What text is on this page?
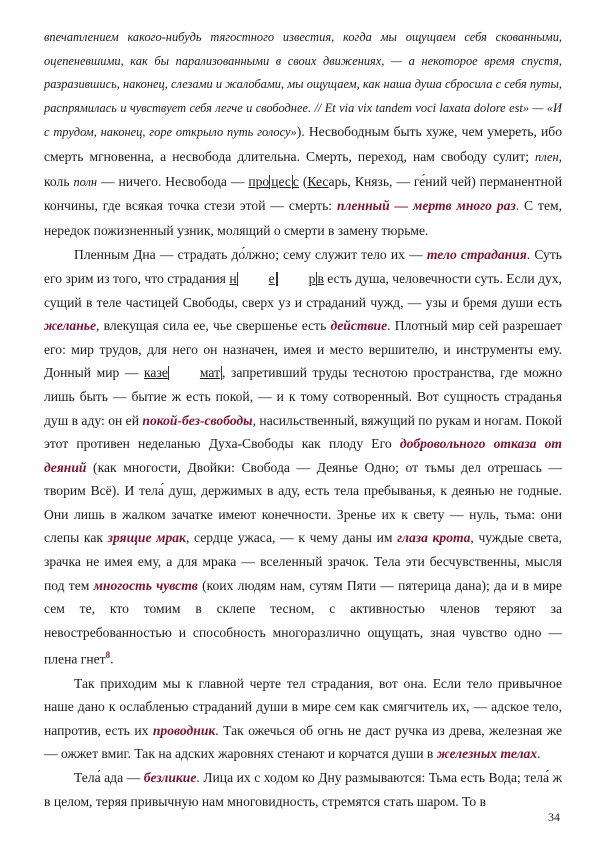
впечатлением какого-нибудь тягостного известия, когда мы ощущаем себя скованными, оцепеневшими, как бы парализованными в своих движениях, — а некоторое время спустя, разразившись, наконец, слезами и жалобами, мы ощущаем, как наша душа сбросила с себя путы, распрямилась и чувствует себя легче и свободнее. // Et via vix tandem voci laxata dolore est» — «И с трудом, наконец, горе открыло путь голосу»). Несвободным быть хуже, чем умереть, ибо смерть мгновенна, а несвобода длительна. Смерть, переход, нам свободу сулит; плен, коль полн — ничего. Несвобода — про цес с (Кесарь, Князь, — ге́ний чей) перманентной кончины, где всякая точка стези этой — смерть: пленный — мертв много раз. С тем, нередок пожизненный узник, молящий о смерти в замену тюрьме.

Пленным Дна — страдать до́лжно; сему служит тело их — тело страдания. Суть его зрим из того, что страдания н е	р в есть душа, человечности суть. Если дух, сущий в теле частицей Свободы, сверх уз и страданий чужд, — узы и бремя души есть желанье, влекущая сила ее, чье свершенье есть действие. Плотный мир сей разрешает его: мир трудов, для него он назначен, имея и место вершителю, и инструменты ему. Донный мир — казе мат , запретивший труды теснотою пространства, где можно лишь быть — бытие ж есть покой, — и к тому сотворенный. Вот сущность страданья душ в аду: он ей покой-без-свободы, насильственный, вяжущий по рукам и ногам. Покой этот противен неделанью Духа-Свободы как плоду Его добровольного отказа от деяний (как многости, Двойки: Свобода — Деянье Одно; от тьмы дел отрешась — творим Всё). И тела́ душ, держимых в аду, есть тела пребыванья, к деянью не годные. Они лишь в жалком зачатке имеют конечности. Зренье их к свету — нуль, тьма: они слепы как зрящие мрак, сердце ужаса, — к чему даны им глаза крота, чуждые света, зрачка не имея ему, а для мрака — вселенный зрачок. Тела эти бесчувственны, мысля под тем многость чувств (коих людям нам, сутям Пяти — пятерица дана); да и в мире сем те, кто томим в склепе тесном, с активностью членов теряют за невостребованностью и способность многоразлично ощущать, зная чувство одно — плена гнет$^8$.

Так приходим мы к главной черте тел страдания, вот она. Если тело привычное наше дано к ослабленью страданий души в мире сем как смягчитель их, — адское тело, напротив, есть их проводник. Так ожечься об огнь не даст ручка из древа, железная же — ожжет вмиг. Так на адских жаровнях стенают и корчатся души в железных телах.

Тела́ ада — безликие. Лица их с ходом ко Дну размываются: Тьма есть Вода; тела́ ж в целом, теряя привычную нам многовидность, стремятся стать шаром. То в

34
